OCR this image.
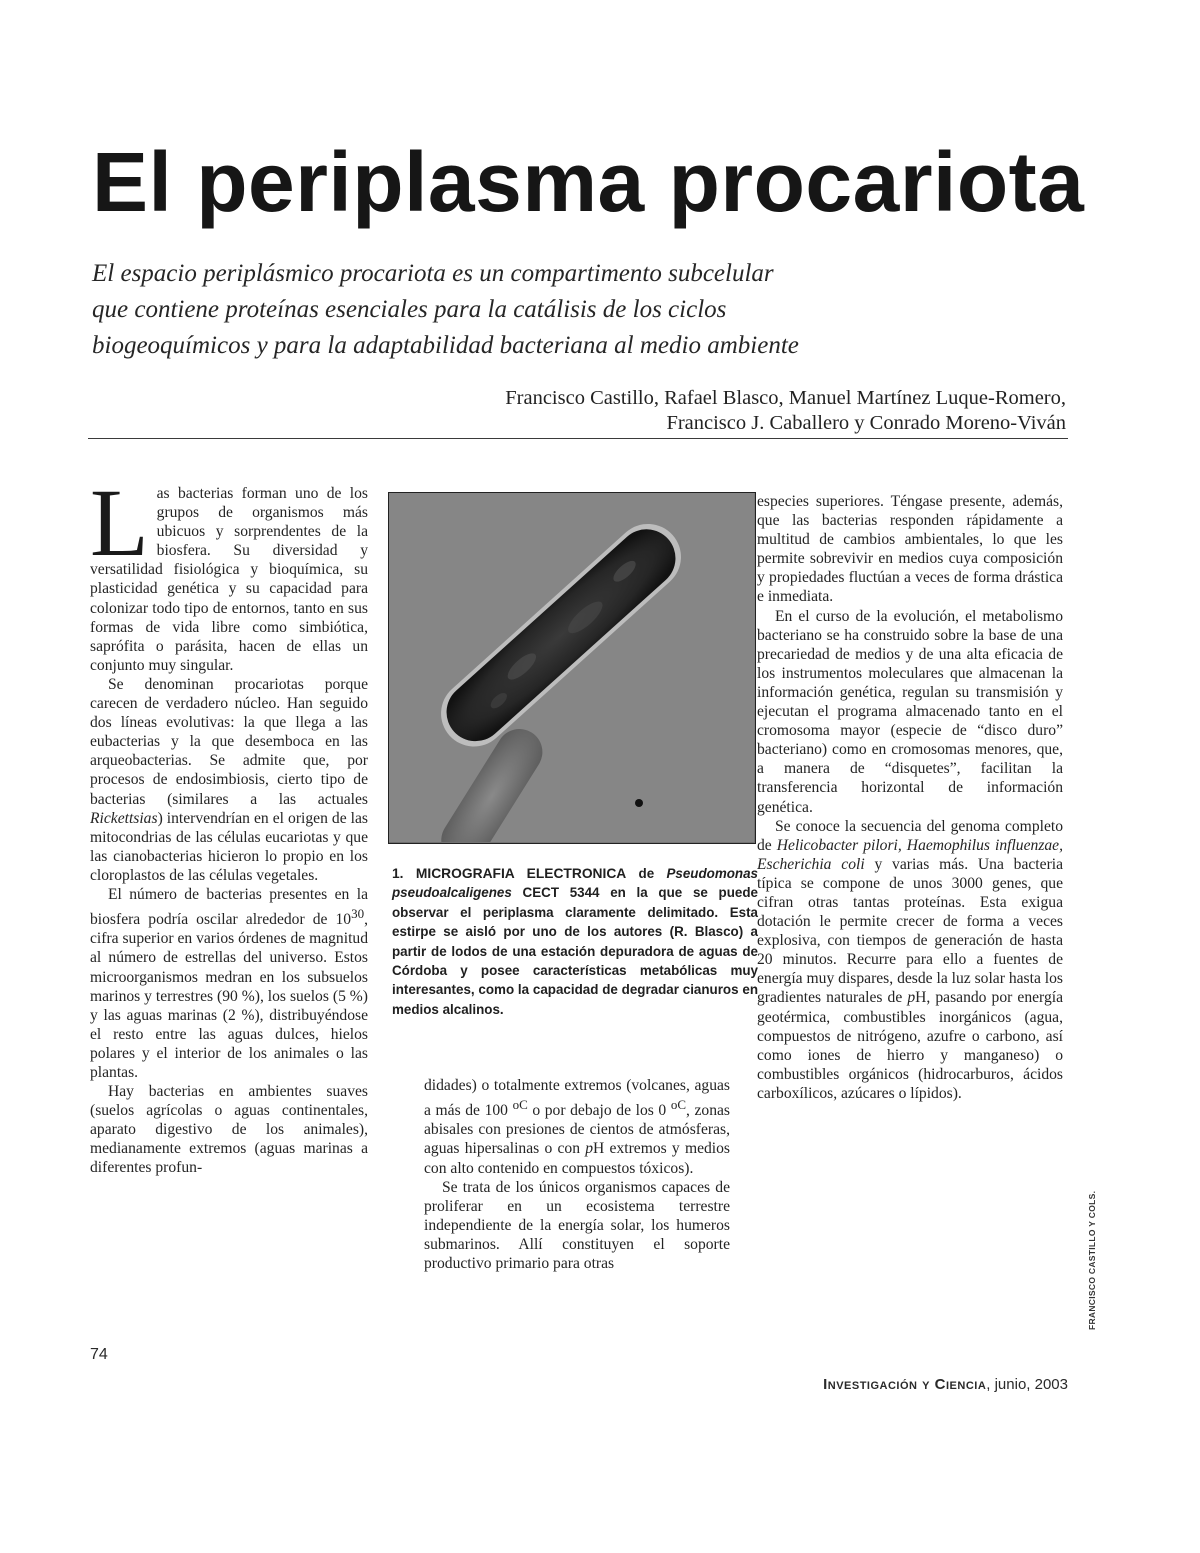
El periplasma procariota
El espacio periplásmico procariota es un compartimento subcelular
que contiene proteínas esenciales para la catálisis de los ciclos
biogeoquímicos y para la adaptabilidad bacteriana al medio ambiente
Francisco Castillo, Rafael Blasco, Manuel Martínez Luque-Romero,
Francisco J. Caballero y Conrado Moreno-Viván

Las bacterias forman uno de los grupos de organismos más ubicuos y sorprendentes de la biosfera. Su diversidad y versatilidad fisiológica y bioquímica, su plasticidad genética y su capacidad para colonizar todo tipo de entornos, tanto en sus formas de vida libre como simbiótica, saprófita o parásita, hacen de ellas un conjunto muy singular.

Se denominan procariotas porque carecen de verdadero núcleo. Han seguido dos líneas evolutivas: la que llega a las eubacterias y la que desemboca en las arqueobacterias. Se admite que, por procesos de endosimbiosis, cierto tipo de bacterias (similares a las actuales Rickettsias) intervendrían en el origen de las mitocondrias de las células eucariotas y que las cianobacterias hicieron lo propio en los cloroplastos de las células vegetales.

El número de bacterias presentes en la biosfera podría oscilar alrededor de $10^{30}$, cifra superior en varios órdenes de magnitud al número de estrellas del universo. Estos microorganismos medran en los subsuelos marinos y terrestres (90 %), los suelos (5 %) y las aguas marinas (2 %), distribuyéndose el resto entre las aguas dulces, hielos polares y el interior de los animales o las plantas.

Hay bacterias en ambientes suaves (suelos agrícolas o aguas continentales, aparato digestivo de los animales), medianamente extremos (aguas marinas a diferentes profun-

1. MICROGRAFIA ELECTRONICA de Pseudomonas pseudoalcaligenes CECT 5344 en la que se puede observar el periplasma claramente delimitado. Esta estirpe se aisló por uno de los autores (R. Blasco) a partir de lodos de una estación depuradora de aguas de Córdoba y posee características metabólicas muy interesantes, como la capacidad de degradar cianuros en medios alcalinos.

didades) o totalmente extremos (volcanes, aguas a más de 100 $^{oC}$ o por debajo de los 0 $^{oC}$, zonas abisales con presiones de cientos de atmósferas, aguas hipersalinas o con pH extremos y medios con alto contenido en compuestos tóxicos).

Se trata de los únicos organismos capaces de proliferar en un ecosistema terrestre independiente de la energía solar, los humeros submarinos. Allí constituyen el soporte productivo primario para otras

especies superiores. Téngase presente, además, que las bacterias responden rápidamente a multitud de cambios ambientales, lo que les permite sobrevivir en medios cuya composición y propiedades fluctúan a veces de forma drástica e inmediata.

En el curso de la evolución, el metabolismo bacteriano se ha construido sobre la base de una precariedad de medios y de una alta eficacia de los instrumentos moleculares que almacenan la información genética, regulan su transmisión y ejecutan el programa almacenado tanto en el cromosoma mayor (especie de “disco duro” bacteriano) como en cromosomas menores, que, a manera de “disquetes”, facilitan la transferencia horizontal de información genética.

Se conoce la secuencia del genoma completo de Helicobacter pilori, Haemophilus influenzae, Escherichia coli y varias más. Una bacteria típica se compone de unos 3000 genes, que cifran otras tantas proteínas. Esta exigua dotación le permite crecer de forma a veces explosiva, con tiempos de generación de hasta 20 minutos. Recurre para ello a fuentes de energía muy dispares, desde la luz solar hasta los gradientes naturales de pH, pasando por energía geotérmica, combustibles inorgánicos (agua, compuestos de nitrógeno, azufre o carbono, así como iones de hierro y manganeso) o combustibles orgánicos (hidrocarburos, ácidos carboxílicos, azúcares o lípidos).

FRANCISCO CASTILLO Y COLS.
74
Investigación y Ciencia, junio, 2003
